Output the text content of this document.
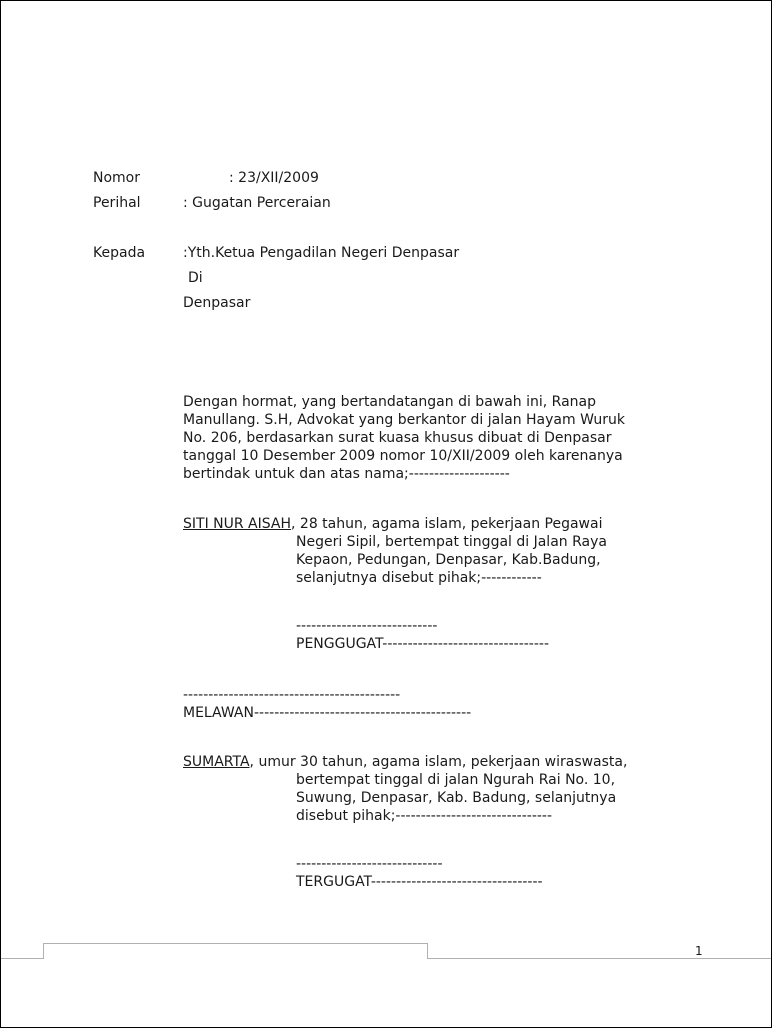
Nomor	: 23/XII/2009

Perihal	: Gugatan Perceraian

Kepada	:Yth.Ketua Pengadilan Negeri Denpasar

Di

Denpasar

Dengan hormat, yang bertandatangan di bawah ini, Ranap
Manullang. S.H, Advokat yang berkantor di jalan Hayam Wuruk
No. 206, berdasarkan surat kuasa khusus dibuat di Denpasar
tanggal 10 Desember 2009 nomor 10/XII/2009 oleh karenanya
bertindak untuk dan atas nama;--------------------
SITI NUR AISAH, 28 tahun, agama islam, pekerjaan Pegawai
Negeri Sipil, bertempat tinggal di Jalan Raya
Kepaon, Pedungan, Denpasar, Kab.Badung,
selanjutnya disebut pihak;------------

----------------------------

PENGGUGAT---------------------------------

-------------------------------------------

MELAWAN-------------------------------------------

SUMARTA, umur 30 tahun, agama islam, pekerjaan wiraswasta,
bertempat tinggal di jalan Ngurah Rai No. 10,
Suwung, Denpasar, Kab. Badung, selanjutnya
disebut pihak;-------------------------------

-----------------------------

TERGUGAT----------------------------------

1
